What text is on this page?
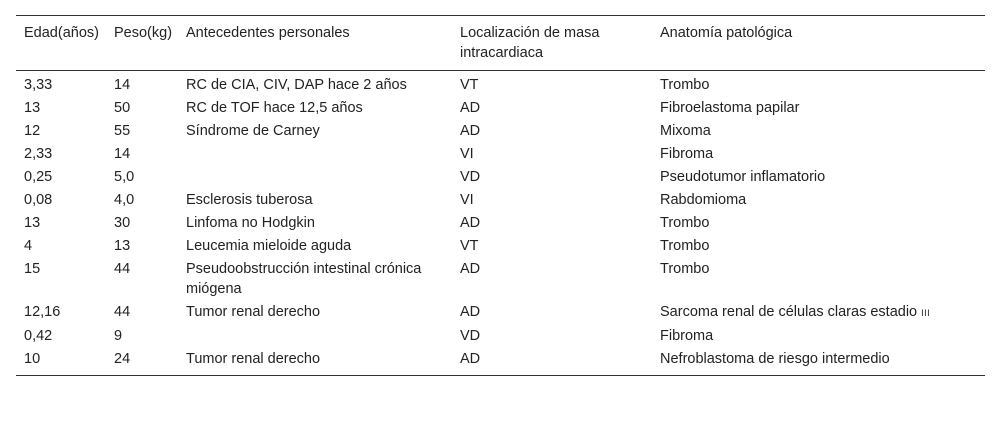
Edad(años)	Peso(kg)	Antecedentes personales	Localización de masa intracardiaca	Anatomía patológica
3,33	14	RC de CIA, CIV, DAP hace 2 años	VT	Trombo
13	50	RC de TOF hace 12,5 años	AD	Fibroelastoma papilar
12	55	Síndrome de Carney	AD	Mixoma
2,33	14		VI	Fibroma
0,25	5,0		VD	Pseudotumor inflamatorio
0,08	4,0	Esclerosis tuberosa	VI	Rabdomioma
13	30	Linfoma no Hodgkin	AD	Trombo
4	13	Leucemia mieloide aguda	VT	Trombo
15	44	Pseudoobstrucción intestinal crónica miógena	AD	Trombo
12,16	44	Tumor renal derecho	AD	Sarcoma renal de células claras estadio III
0,42	9		VD	Fibroma
10	24	Tumor renal derecho	AD	Nefroblastoma de riesgo intermedio
